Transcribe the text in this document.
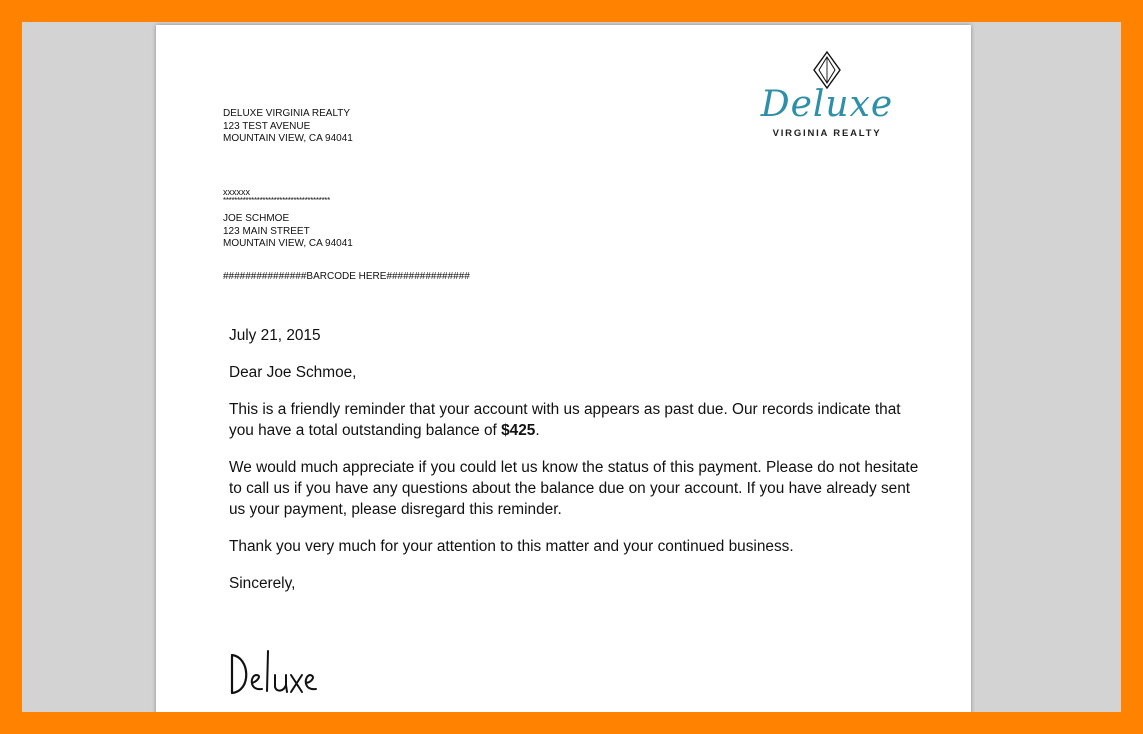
DELUXE VIRGINIA REALTY
123 TEST AVENUE
MOUNTAIN VIEW, CA 94041
Deluxe
VIRGINIA REALTY
xxxxxx
**************************************
JOE SCHMOE
123 MAIN STREET
MOUNTAIN VIEW, CA 94041
###############BARCODE HERE###############

July 21, 2015

Dear Joe Schmoe,

This is a friendly reminder that your account with us appears as past due. Our records indicate that you have a total outstanding balance of $425.

We would much appreciate if you could let us know the status of this payment. Please do not hesitate to call us if you have any questions about the balance due on your account. If you have already sent us your payment, please disregard this reminder.

Thank you very much for your attention to this matter and your continued business.

Sincerely,
